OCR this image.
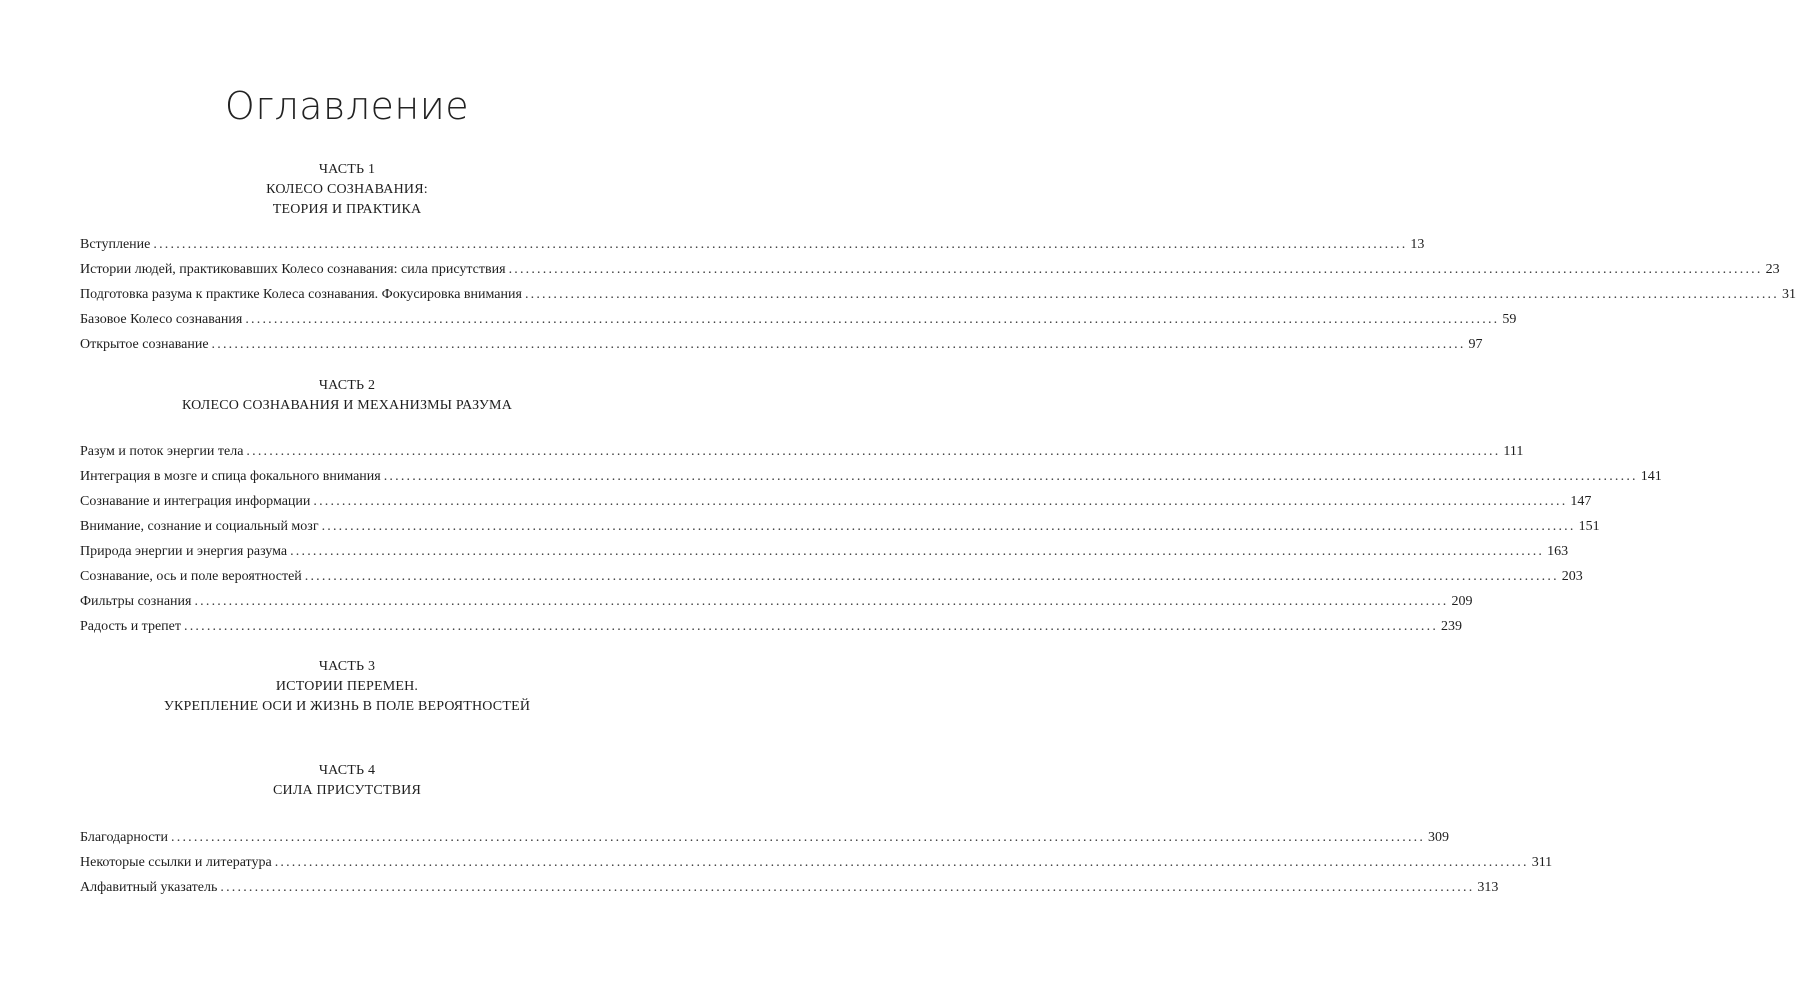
Оглавление
ЧАСТЬ 1
КОЛЕСО СОЗНАВАНИЯ:
ТЕОРИЯ И ПРАКТИКА
Вступление ............................................................................................................................................................................................................................ 13
Истории людей, практиковавших Колесо сознавания: сила присутствия ............................................................................................................................................................................................................................ 23
Подготовка разума к практике Колеса сознавания. Фокусировка внимания ............................................................................................................................................................................................................................ 31
Базовое Колесо сознавания ............................................................................................................................................................................................................................ 59
Открытое сознавание ............................................................................................................................................................................................................................ 97
ЧАСТЬ 2
КОЛЕСО СОЗНАВАНИЯ И МЕХАНИЗМЫ РАЗУМА
Разум и поток энергии тела ............................................................................................................................................................................................................................ 111
Интеграция в мозге и спица фокального внимания ............................................................................................................................................................................................................................ 141
Сознавание и интеграция информации ............................................................................................................................................................................................................................ 147
Внимание, сознание и социальный мозг ............................................................................................................................................................................................................................ 151
Природа энергии и энергия разума ............................................................................................................................................................................................................................ 163
Сознавание, ось и поле вероятностей ............................................................................................................................................................................................................................ 203
Фильтры сознания ............................................................................................................................................................................................................................ 209
Радость и трепет ............................................................................................................................................................................................................................ 239
ЧАСТЬ 3
ИСТОРИИ ПЕРЕМЕН.
УКРЕПЛЕНИЕ ОСИ И ЖИЗНЬ В ПОЛЕ ВЕРОЯТНОСТЕЙ
ЧАСТЬ 4
СИЛА ПРИСУТСТВИЯ
Благодарности ............................................................................................................................................................................................................................ 309
Некоторые ссылки и литература ............................................................................................................................................................................................................................ 311
Алфавитный указатель ............................................................................................................................................................................................................................ 313
